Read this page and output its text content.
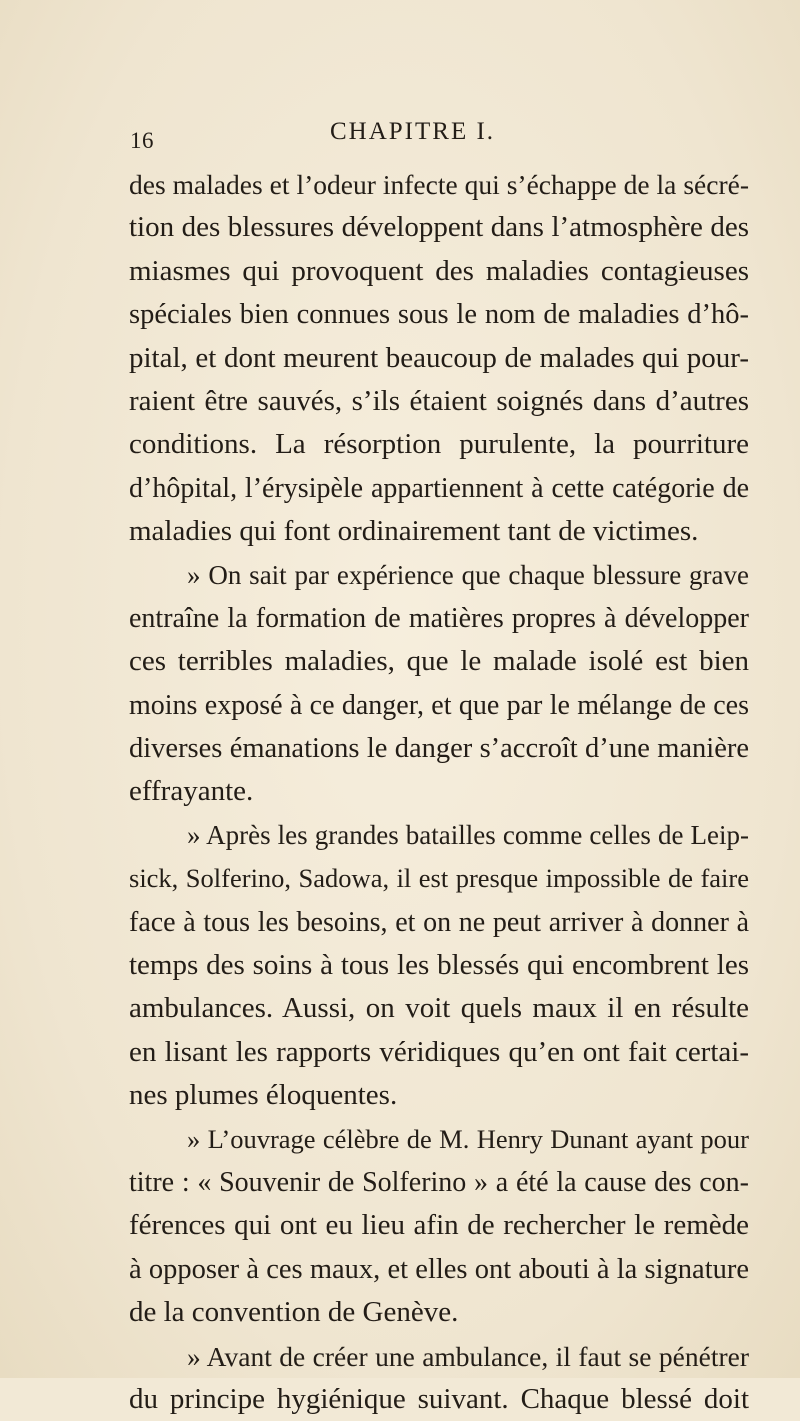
16	CHAPITRE I.
des malades et l’odeur infecte qui s’échappe de la sécré-
tion des blessures développent dans l’atmosphère des
miasmes qui provoquent des maladies contagieuses
spéciales bien connues sous le nom de maladies d’hô-
pital, et dont meurent beaucoup de malades qui pour-
raient être sauvés, s’ils étaient soignés dans d’autres
conditions. La résorption purulente, la pourriture
d’hôpital, l’érysipèle appartiennent à cette catégorie de
maladies qui font ordinairement tant de victimes.
» On sait par expérience que chaque blessure grave
entraîne la formation de matières propres à développer
ces terribles maladies, que le malade isolé est bien
moins exposé à ce danger, et que par le mélange de ces
diverses émanations le danger s’accroît d’une manière
effrayante.
» Après les grandes batailles comme celles de Leip-
sick, Solferino, Sadowa, il est presque impossible de faire
face à tous les besoins, et on ne peut arriver à donner à
temps des soins à tous les blessés qui encombrent les
ambulances. Aussi, on voit quels maux il en résulte
en lisant les rapports véridiques qu’en ont fait certai-
nes plumes éloquentes.
» L’ouvrage célèbre de M. Henry Dunant ayant pour
titre : « Souvenir de Solferino » a été la cause des con-
férences qui ont eu lieu afin de rechercher le remède
à opposer à ces maux, et elles ont abouti à la signature
de la convention de Genève.
» Avant de créer une ambulance, il faut se pénétrer
du principe hygiénique suivant. Chaque blessé doit
